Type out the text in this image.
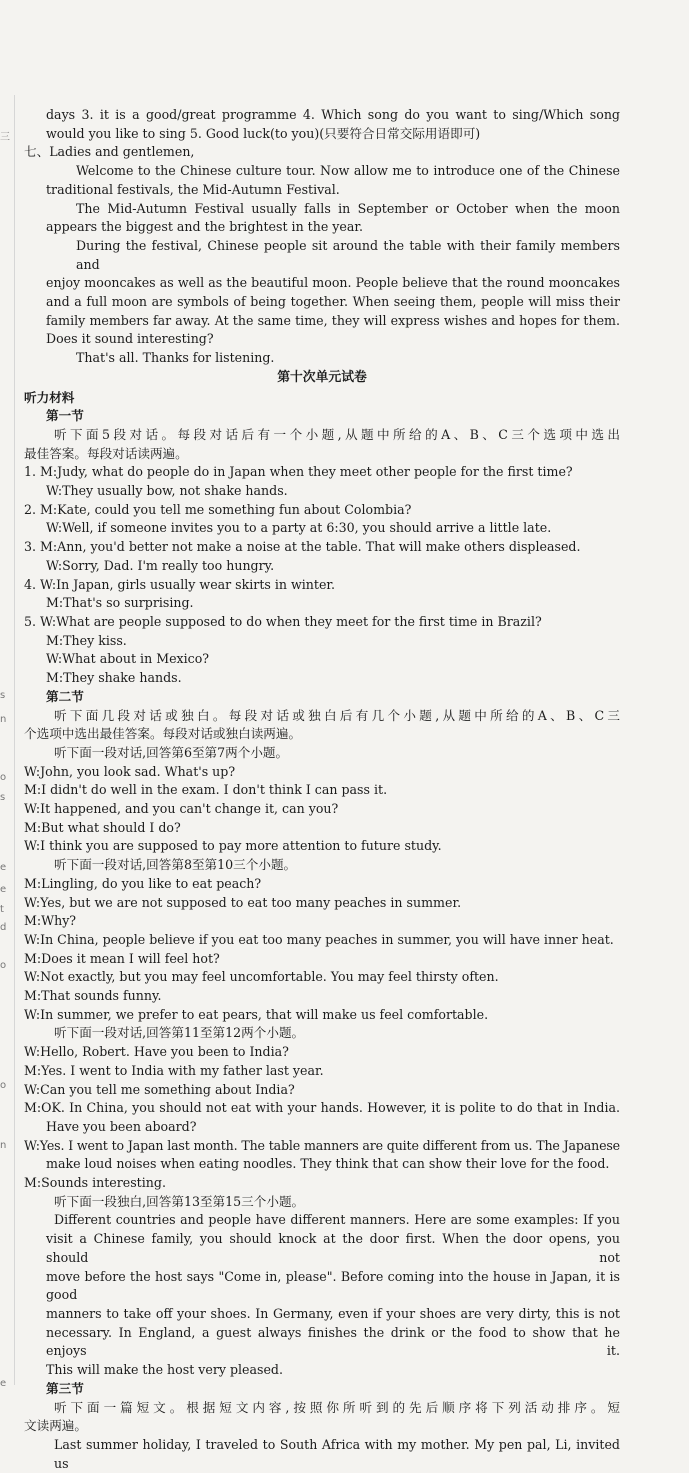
三
s
n
o
s
e
e
t
d
o
o
n
e
days 3. it is a good/great programme 4. Which song do you want to sing/Which song
would you like to sing 5. Good luck(to you)(只要符合日常交际用语即可)
七、Ladies and gentlemen,
Welcome to the Chinese culture tour. Now allow me to introduce one of the Chinese
traditional festivals, the Mid-Autumn Festival.
The Mid-Autumn Festival usually falls in September or October when the moon
appears the biggest and the brightest in the year.
During the festival, Chinese people sit around the table with their family members and
enjoy mooncakes as well as the beautiful moon. People believe that the round mooncakes
and a full moon are symbols of being together. When seeing them, people will miss their
family members far away. At the same time, they will express wishes and hopes for them.
Does it sound interesting?
That's all. Thanks for listening.
第十次单元试卷
听力材料
第一节
听下面5段对话。每段对话后有一个小题,从题中所给的A、B、C三个选项中选出
最佳答案。每段对话读两遍。
1. M:Judy, what do people do in Japan when they meet other people for the first time?
W:They usually bow, not shake hands.
2. M:Kate, could you tell me something fun about Colombia?
W:Well, if someone invites you to a party at 6:30, you should arrive a little late.
3. M:Ann, you'd better not make a noise at the table. That will make others displeased.
W:Sorry, Dad. I'm really too hungry.
4. W:In Japan, girls usually wear skirts in winter.
M:That's so surprising.
5. W:What are people supposed to do when they meet for the first time in Brazil?
M:They kiss.
W:What about in Mexico?
M:They shake hands.
第二节
听下面几段对话或独白。每段对话或独白后有几个小题,从题中所给的A、B、C三
个选项中选出最佳答案。每段对话或独白读两遍。
听下面一段对话,回答第6至第7两个小题。
W:John, you look sad. What's up?
M:I didn't do well in the exam. I don't think I can pass it.
W:It happened, and you can't change it, can you?
M:But what should I do?
W:I think you are supposed to pay more attention to future study.
听下面一段对话,回答第8至第10三个小题。
M:Lingling, do you like to eat peach?
W:Yes, but we are not supposed to eat too many peaches in summer.
M:Why?
W:In China, people believe if you eat too many peaches in summer, you will have inner heat.
M:Does it mean I will feel hot?
W:Not exactly, but you may feel uncomfortable. You may feel thirsty often.
M:That sounds funny.
W:In summer, we prefer to eat pears, that will make us feel comfortable.
听下面一段对话,回答第11至第12两个小题。
W:Hello, Robert. Have you been to India?
M:Yes. I went to India with my father last year.
W:Can you tell me something about India?
M:OK. In China, you should not eat with your hands. However, it is polite to do that in India.
Have you been aboard?
W:Yes. I went to Japan last month. The table manners are quite different from us. The Japanese
make loud noises when eating noodles. They think that can show their love for the food.
M:Sounds interesting.
听下面一段独白,回答第13至第15三个小题。
Different countries and people have different manners. Here are some examples: If you
visit a Chinese family, you should knock at the door first. When the door opens, you should not
move before the host says "Come in, please". Before coming into the house in Japan, it is good
manners to take off your shoes. In Germany, even if your shoes are very dirty, this is not
necessary. In England, a guest always finishes the drink or the food to show that he enjoys it.
This will make the host very pleased.
第三节
听下面一篇短文。根据短文内容,按照你所听到的先后顺序将下列活动排序。短
文读两遍。
Last summer holiday, I traveled to South Africa with my mother. My pen pal, Li, invited us
